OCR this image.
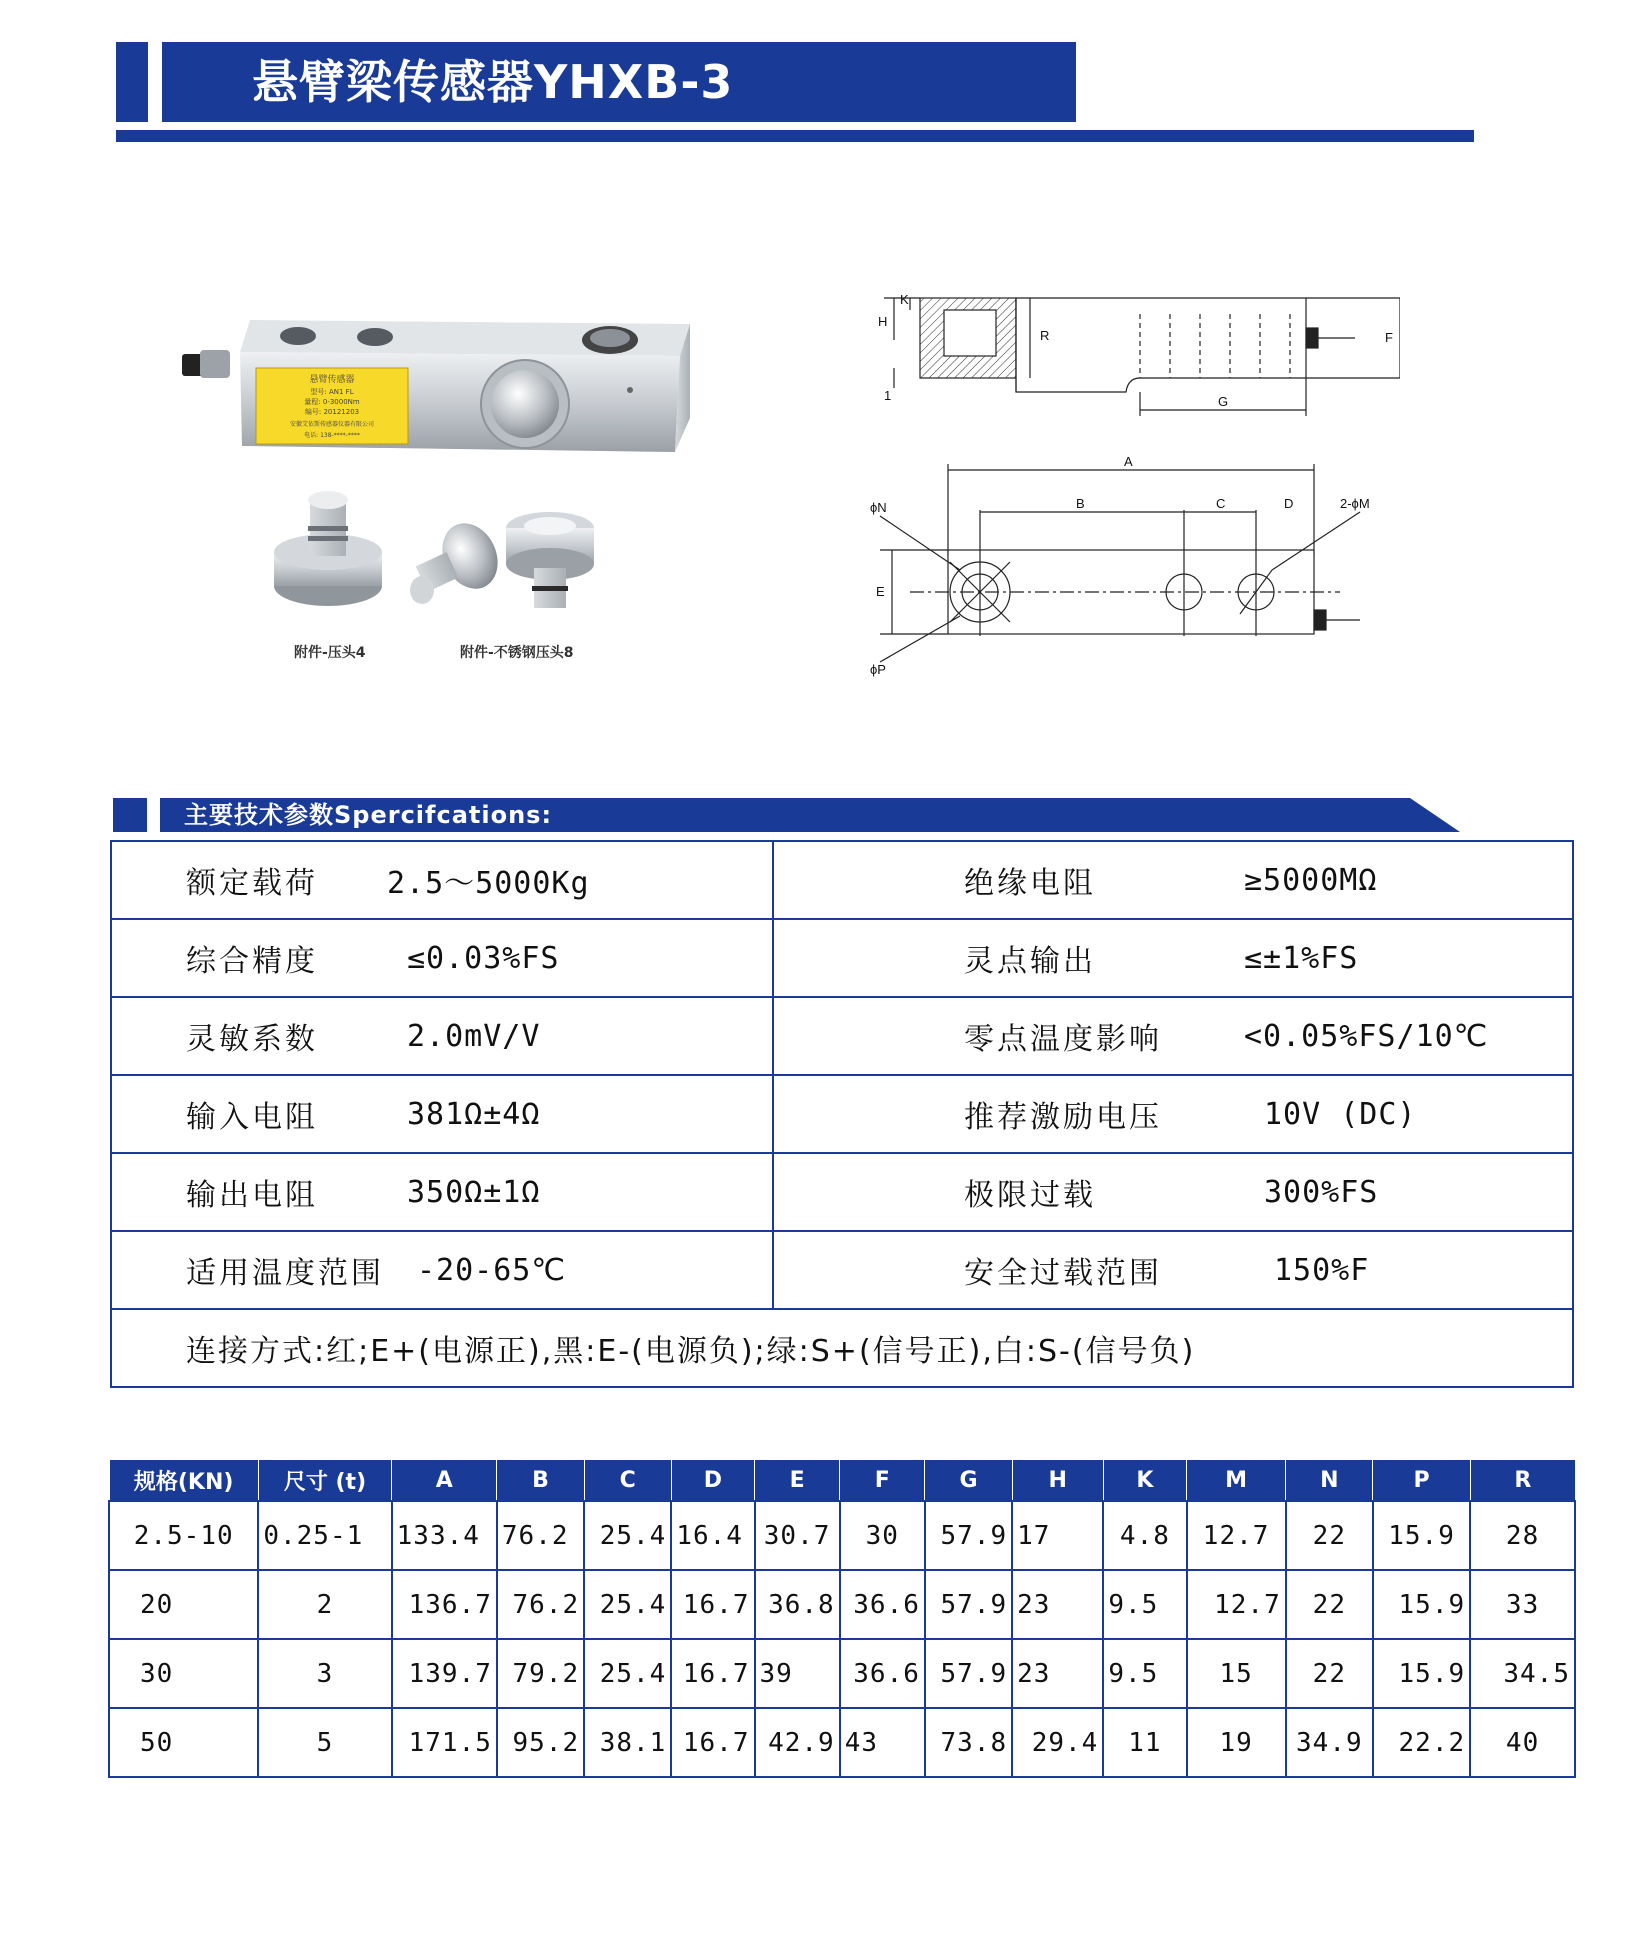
悬臂梁传感器YHXB-3
悬臂传感器
型号: AN1 FL
量程: 0-3000Nm
编号: 20121203
安徽艾依斯传感器仪器有限公司
电话: 138-****-****
附件-压头4	附件-不锈钢压头8
H
K
R	F
G
1
A
B	C	D
E
ϕN	2-ϕM
ϕP
主要技术参数Spercifcations:
额定载荷 2.5～5000Kg	绝缘电阻 ≥5000MΩ

综合精度 ≤0.03%FS	灵点输出 ≤±1%FS

灵敏系数 2.0mV/V	零点温度影响 <0.05%FS/10℃

输入电阻 381Ω±4Ω	推荐激励电压 10V (DC)

输出电阻 350Ω±1Ω	极限过载 300%FS

适用温度范围 -20-65℃	安全过载范围 150%F

连接方式:红;E+(电源正),黑:E-(电源负);绿:S+(信号正),白:S-(信号负)	
规格(KN)	尺寸 (t)	A	B	C	D	E	F	G	H	K	M	N	P	R
2.5-10	0.25-1	133.4	76.2	25.4	16.4	30.7	30	57.9	17	4.8	12.7	22	15.9	28
20	2	136.7	76.2	25.4	16.7	36.8	36.6	57.9	23	9.5	12.7	22	15.9	33
30	3	139.7	79.2	25.4	16.7	39	36.6	57.9	23	9.5	15	22	15.9	34.5
50	5	171.5	95.2	38.1	16.7	42.9	43	73.8	29.4	11	19	34.9	22.2	40
